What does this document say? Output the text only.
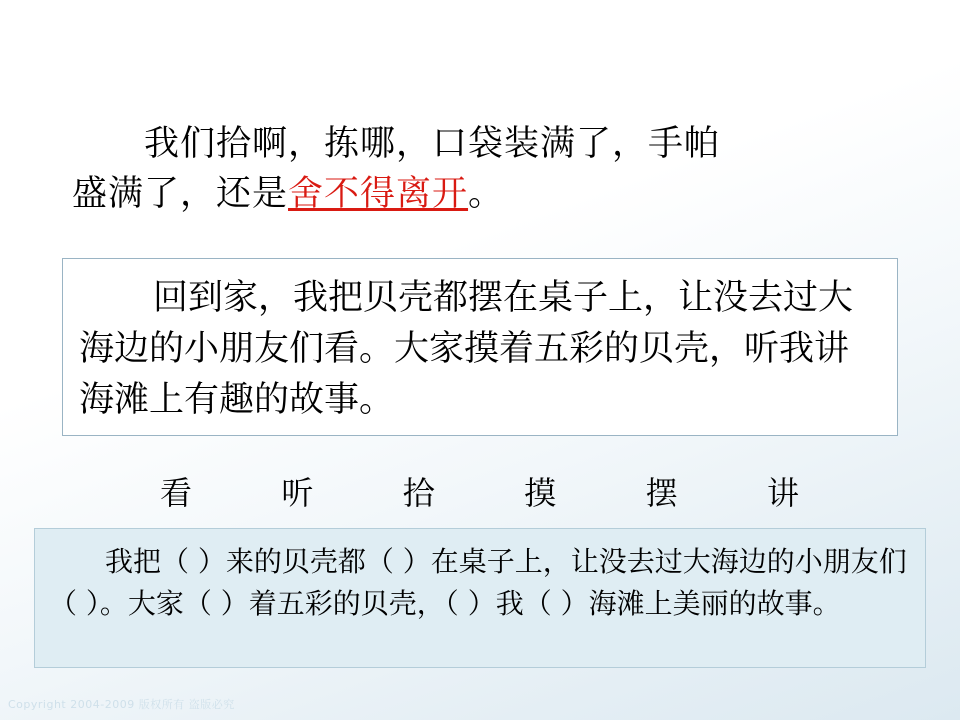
我们拾啊，拣哪，口袋装满了，手帕
盛满了，还是舍不得离开。
回到家，我把贝壳都摆在桌子上，让没去过大海边的小朋友们看。大家摸着五彩的贝壳，听我讲海滩上有趣的故事。
看	听	拾	摸	摆	讲
我把（ ）来的贝壳都（ ）在桌子上，让没去过大海边的小朋友们（ ）。大家（ ）着五彩的贝壳，（ ）我（ ）海滩上美丽的故事。
Copyright 2004-2009 版权所有 盗版必究
